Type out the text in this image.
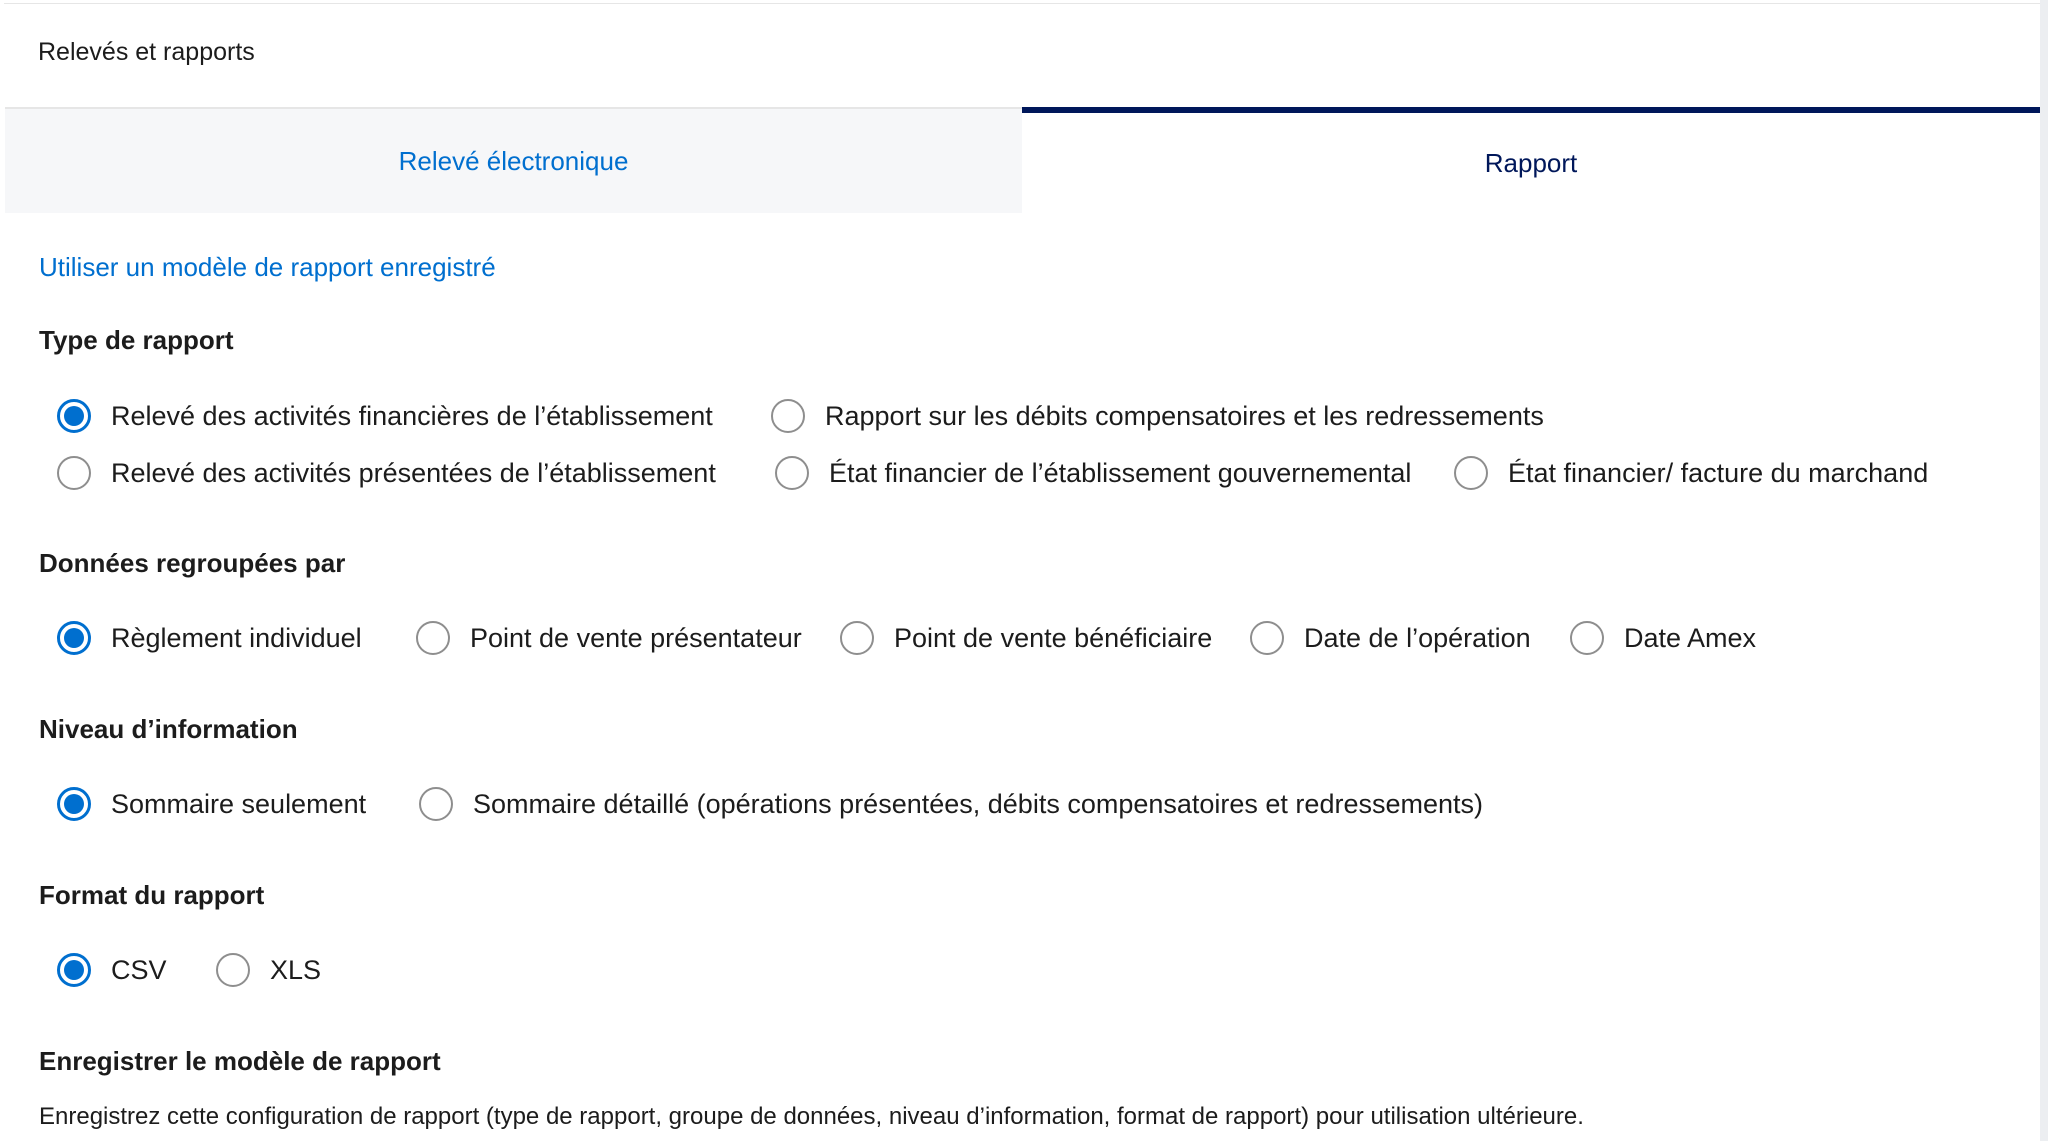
Relevés et rapports
Relevé électronique	Rapport
Utiliser un modèle de rapport enregistré
Type de rapport
Relevé des activités financières de l’établissement	Rapport sur les débits compensatoires et les redressements
Relevé des activités présentées de l’établissement	État financier de l’établissement gouvernemental	État financier/ facture du marchand
Données regroupées par
Règlement individuel	Point de vente présentateur	Point de vente bénéficiaire	Date de l’opération	Date Amex
Niveau d’information
Sommaire seulement	Sommaire détaillé (opérations présentées, débits compensatoires et redressements)
Format du rapport
CSV	XLS
Enregistrer le modèle de rapport
Enregistrez cette configuration de rapport (type de rapport, groupe de données, niveau d’information, format de rapport) pour utilisation ultérieure.
